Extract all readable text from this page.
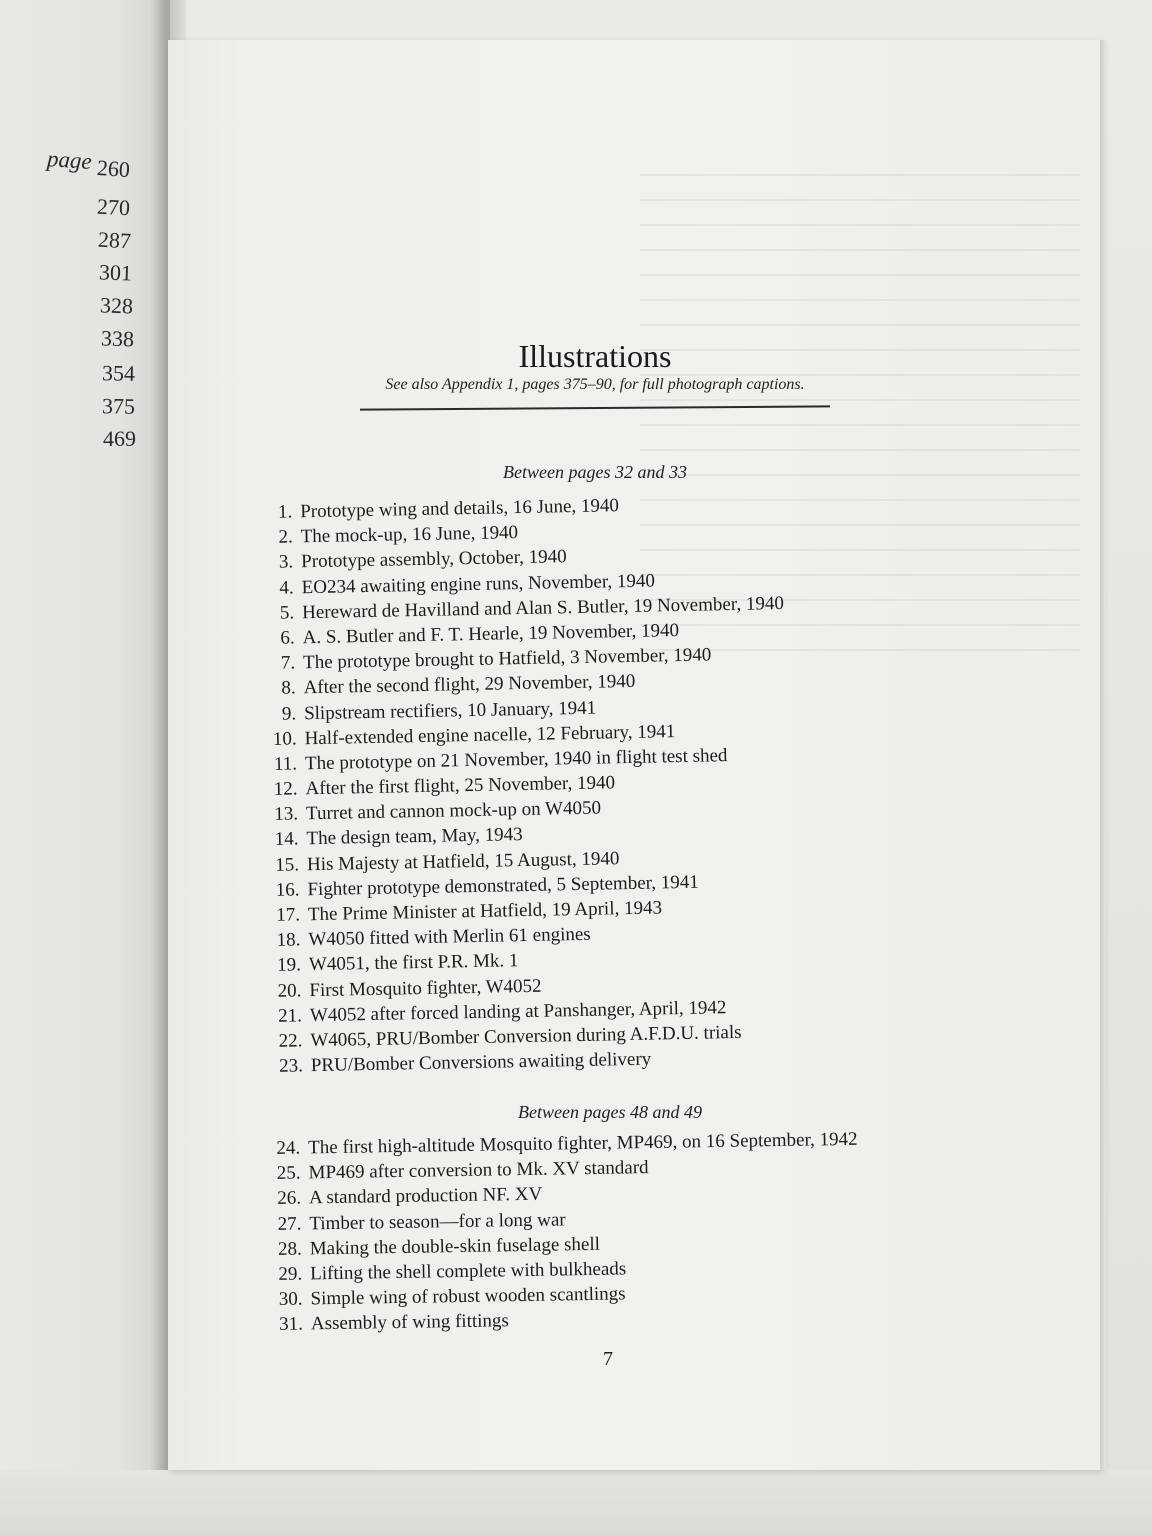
page 260
270
287
301
328
338
354
375
469
Illustrations
See also Appendix 1, pages 375–90, for full photograph captions.
Between pages 32 and 33
1. Prototype wing and details, 16 June, 1940
2. The mock-up, 16 June, 1940
3. Prototype assembly, October, 1940
4. EO234 awaiting engine runs, November, 1940
5. Hereward de Havilland and Alan S. Butler, 19 November, 1940
6. A. S. Butler and F. T. Hearle, 19 November, 1940
7. The prototype brought to Hatfield, 3 November, 1940
8. After the second flight, 29 November, 1940
9. Slipstream rectifiers, 10 January, 1941
10. Half-extended engine nacelle, 12 February, 1941
11. The prototype on 21 November, 1940 in flight test shed
12. After the first flight, 25 November, 1940
13. Turret and cannon mock-up on W4050
14. The design team, May, 1943
15. His Majesty at Hatfield, 15 August, 1940
16. Fighter prototype demonstrated, 5 September, 1941
17. The Prime Minister at Hatfield, 19 April, 1943
18. W4050 fitted with Merlin 61 engines
19. W4051, the first P.R. Mk. 1
20. First Mosquito fighter, W4052
21. W4052 after forced landing at Panshanger, April, 1942
22. W4065, PRU/Bomber Conversion during A.F.D.U. trials
23. PRU/Bomber Conversions awaiting delivery
Between pages 48 and 49
24. The first high-altitude Mosquito fighter, MP469, on 16 September, 1942
25. MP469 after conversion to Mk. XV standard
26. A standard production NF. XV
27. Timber to season—for a long war
28. Making the double-skin fuselage shell
29. Lifting the shell complete with bulkheads
30. Simple wing of robust wooden scantlings
31. Assembly of wing fittings
7
